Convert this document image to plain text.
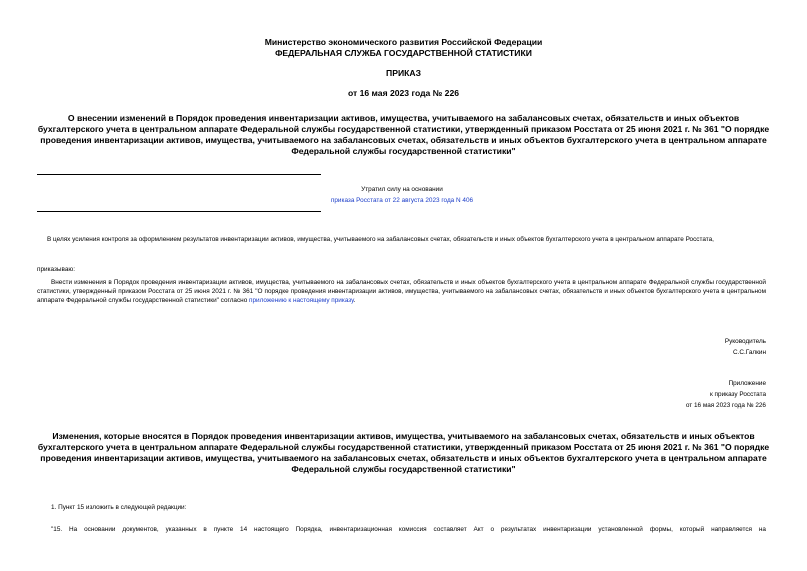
Министерство экономического развития Российской Федерации
ФЕДЕРАЛЬНАЯ СЛУЖБА ГОСУДАРСТВЕННОЙ СТАТИСТИКИ
ПРИКАЗ
от 16 мая 2023 года № 226
О внесении изменений в Порядок проведения инвентаризации активов, имущества, учитываемого на забалансовых счетах, обязательств и иных объектов бухгалтерского учета в центральном аппарате Федеральной службы государственной статистики, утвержденный приказом Росстата от 25 июня 2021 г. № 361 "О порядке проведения инвентаризации активов, имущества, учитываемого на забалансовых счетах, обязательств и иных объектов бухгалтерского учета в центральном аппарате Федеральной службы государственной статистики"
Утратил силу на основании
приказа Росстата от 22 августа 2023 года N 406
В целях усиления контроля за оформлением результатов инвентаризации активов, имущества, учитываемого на забалансовых счетах, обязательств и иных объектов бухгалтерского учета в центральном аппарате Росстата,
приказываю:
Внести изменения в Порядок проведения инвентаризации активов, имущества, учитываемого на забалансовых счетах, обязательств и иных объектов бухгалтерского учета в центральном аппарате Федеральной службы государственной статистики, утвержденный приказом Росстата от 25 июня 2021 г. № 361 "О порядке проведения инвентаризации активов, имущества, учитываемого на забалансовых счетах, обязательств и иных объектов бухгалтерского учета в центральном аппарате Федеральной службы государственной статистики" согласно приложению к настоящему приказу.
Руководитель
С.С.Галкин
Приложение
к приказу Росстата
от 16 мая 2023 года № 226
Изменения, которые вносятся в Порядок проведения инвентаризации активов, имущества, учитываемого на забалансовых счетах, обязательств и иных объектов бухгалтерского учета в центральном аппарате Федеральной службы государственной статистики, утвержденный приказом Росстата от 25 июня 2021 г. № 361 "О порядке проведения инвентаризации активов, имущества, учитываемого на забалансовых счетах, обязательств и иных объектов бухгалтерского учета в центральном аппарате Федеральной службы государственной статистики"
1. Пункт 15 изложить в следующей редакции:
"15. На основании документов, указанных в пункте 14 настоящего Порядка, инвентаризационная комиссия составляет Акт о результатах инвентаризации установленной формы, который направляется на
